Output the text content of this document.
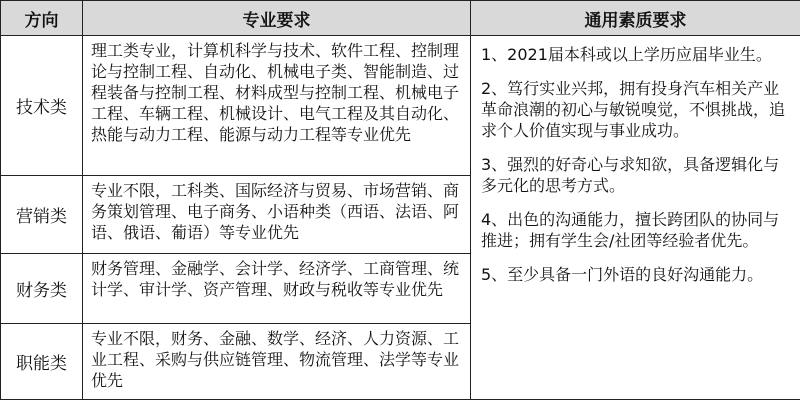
方向	专业要求	通用素质要求
技术类	理工类专业，计算机科学与技术、软件工程、控制理论与控制工程、自动化、机械电子类、智能制造、过程装备与控制工程、材料成型与控制工程、机械电子工程、车辆工程、机械设计、电气工程及其自动化、热能与动力工程、能源与动力工程等专业优先	1、2021届本科或以上学历应届毕业生。
2、笃行实业兴邦，拥有投身汽车相关产业革命浪潮的初心与敏锐嗅觉，不惧挑战，追求个人价值实现与事业成功。
3、强烈的好奇心与求知欲，具备逻辑化与多元化的思考方式。
4、出色的沟通能力，擅长跨团队的协同与推进；拥有学生会/社团等经验者优先。
5、至少具备一门外语的良好沟通能力。

营销类	专业不限，工科类、国际经济与贸易、市场营销、商务策划管理、电子商务、小语种类（西语、法语、阿语、俄语、葡语）等专业优先	
财务类	财务管理、金融学、会计学、经济学、工商管理、统计学、审计学、资产管理、财政与税收等专业优先	
职能类	专业不限，财务、金融、数学、经济、人力资源、工业工程、采购与供应链管理、物流管理、法学等专业优先	
